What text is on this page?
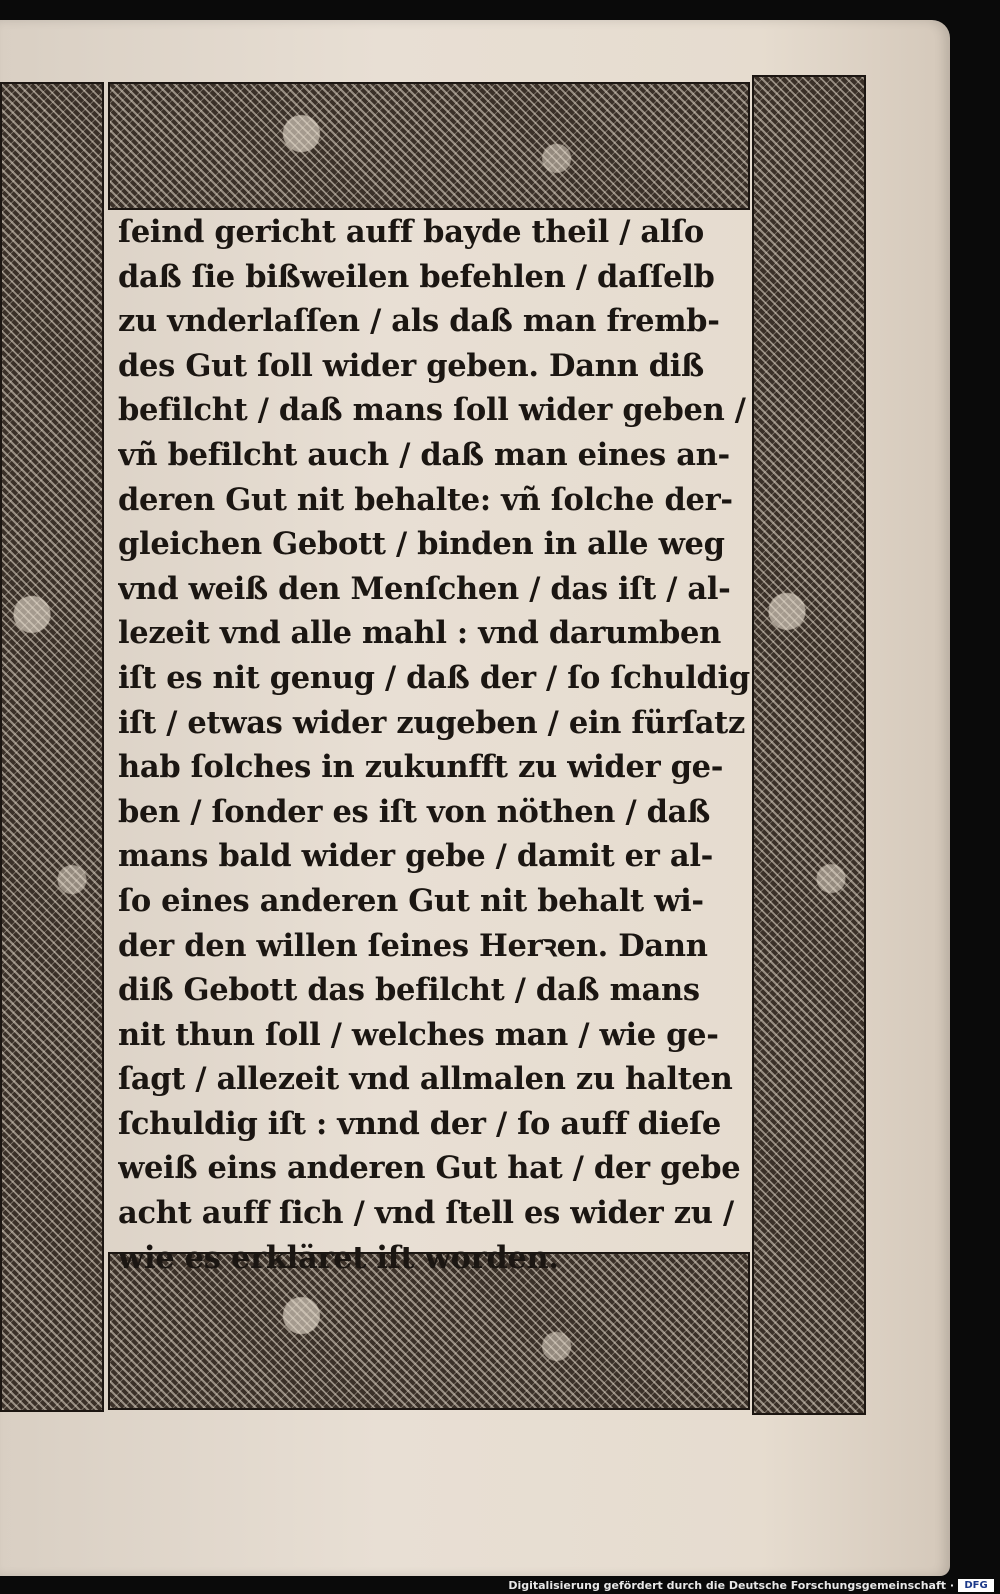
ſeind gericht auff bayde theil / alſo
daß ſie bißweilen befehlen / daſſelb
zu vnderlaſſen / als daß man fremb-
des Gut ſoll wider geben. Dann diß
befilcht / daß mans ſoll wider geben /
vñ befilcht auch / daß man eines an-
deren Gut nit behalte: vñ ſolche der-
gleichen Gebott / binden in alle weg
vnd weiß den Menſchen / das iſt / al-
lezeit vnd alle mahl : vnd darumben
iſt es nit genug / daß der / ſo ſchuldig
iſt / etwas wider zugeben / ein fürſatz
hab ſolches in zukunfft zu wider ge-
ben / ſonder es iſt von nöthen / daß
mans bald wider gebe / damit er al-
ſo eines anderen Gut nit behalt wi-
der den willen ſeines Herꝛen. Dann
diß Gebott das befilcht / daß mans
nit thun ſoll / welches man / wie ge-
ſagt / allezeit vnd allmalen zu halten
ſchuldig iſt : vnnd der / ſo auff dieſe
weiß eins anderen Gut hat / der gebe
acht auff ſich / vnd ſtell es wider zu /
wie es erkläret iſt worden.
Digitalisierung gefördert durch die Deutsche Forschungsgemeinschaft ·	DFG
